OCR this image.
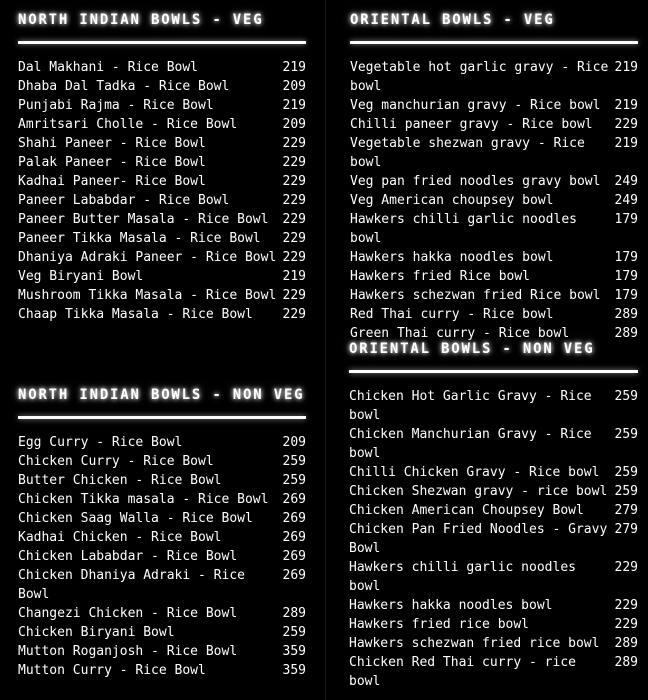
NORTH INDIAN BOWLS - VEG
Dal Makhani - Rice Bowl	219
Dhaba Dal Tadka - Rice Bowl	209
Punjabi Rajma - Rice Bowl	219
Amritsari Cholle - Rice Bowl	209
Shahi Paneer - Rice Bowl	229
Palak Paneer - Rice Bowl	229
Kadhai Paneer- Rice Bowl	229
Paneer Lababdar - Rice Bowl	229
Paneer Butter Masala - Rice Bowl	229
Paneer Tikka Masala - Rice Bowl	229
Dhaniya Adraki Paneer - Rice Bowl 229
Veg Biryani Bowl	219
Mushroom Tikka Masala - Rice Bowl 229
Chaap Tikka Masala - Rice Bowl	229
NORTH INDIAN BOWLS - NON VEG
Egg Curry - Rice Bowl	209
Chicken Curry - Rice Bowl	259
Butter Chicken - Rice Bowl	259
Chicken Tikka masala - Rice Bowl	269
Chicken Saag Walla - Rice Bowl	269
Kadhai Chicken - Rice Bowl	269
Chicken Lababdar - Rice Bowl	269
Chicken Dhaniya Adraki - Rice Bowl
269
Changezi Chicken - Rice Bowl	289
Chicken Biryani Bowl	259
Mutton Roganjosh - Rice Bowl	359
Mutton Curry - Rice Bowl	359
ORIENTAL BOWLS - VEG
Vegetable hot garlic gravy - Rice bowl
219
Veg manchurian gravy - Rice bowl	219
Chilli paneer gravy - Rice bowl	229
Vegetable shezwan gravy - Rice bowl
219
Veg pan fried noodles gravy bowl	249
Veg American choupsey bowl	249
Hawkers chilli garlic noodles bowl
179
Hawkers hakka noodles bowl	179
Hawkers fried Rice bowl	179
Hawkers schezwan fried Rice bowl	179
Red Thai curry - Rice bowl	289
Green Thai curry - Rice bowl	289
ORIENTAL BOWLS - NON VEG
Chicken Hot Garlic Gravy - Rice bowl
259
Chicken Manchurian Gravy - Rice bowl
259
Chilli Chicken Gravy - Rice bowl	259
Chicken Shezwan gravy - rice bowl 259
Chicken American Choupsey Bowl	279
Chicken Pan Fried Noodles - Gravy Bowl
279
Hawkers chilli garlic noodles bowl
229
Hawkers hakka noodles bowl	229
Hawkers fried rice bowl	229
Hawkers schezwan fried rice bowl	289
Chicken Red Thai curry - rice bowl
289
